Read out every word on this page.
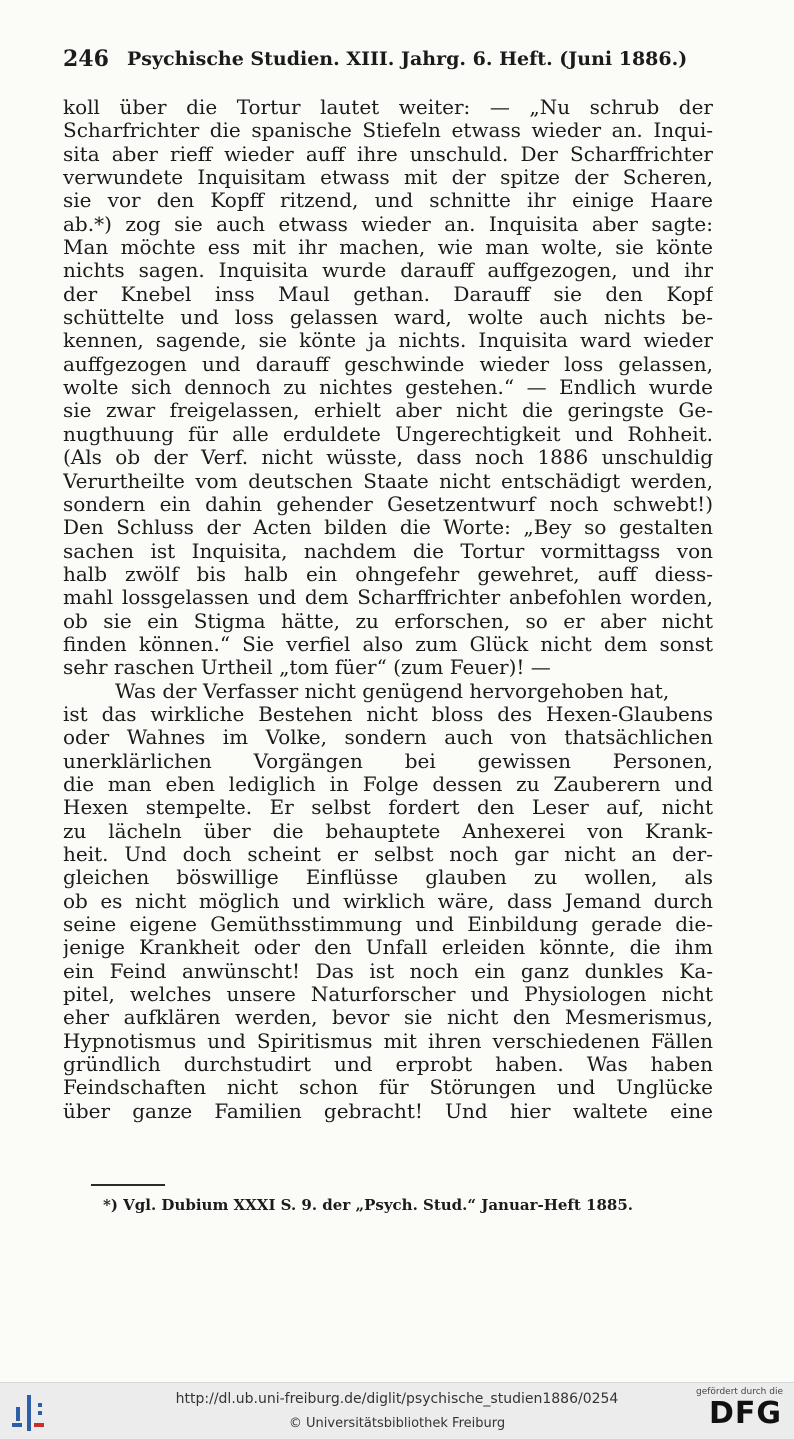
246 Psychische Studien. XIII. Jahrg. 6. Heft. (Juni 1886.)
koll über die Tortur lautet weiter: — „Nu schrub der
Scharfrichter die spanische Stiefeln etwass wieder an. Inqui-
sita aber rieff wieder auff ihre unschuld. Der Scharffrichter
verwundete Inquisitam etwass mit der spitze der Scheren,
sie vor den Kopff ritzend, und schnitte ihr einige Haare
ab.*) zog sie auch etwass wieder an. Inquisita aber sagte:
Man möchte ess mit ihr machen, wie man wolte, sie könte
nichts sagen. Inquisita wurde darauff auffgezogen, und ihr
der Knebel inss Maul gethan. Darauff sie den Kopf
schüttelte und loss gelassen ward, wolte auch nichts be-
kennen, sagende, sie könte ja nichts. Inquisita ward wieder
auffgezogen und darauff geschwinde wieder loss gelassen,
wolte sich dennoch zu nichtes gestehen.“ — Endlich wurde
sie zwar freigelassen, erhielt aber nicht die geringste Ge-
nugthuung für alle erduldete Ungerechtigkeit und Rohheit.
(Als ob der Verf. nicht wüsste, dass noch 1886 unschuldig
Verurtheilte vom deutschen Staate nicht entschädigt werden,
sondern ein dahin gehender Gesetzentwurf noch schwebt!)
Den Schluss der Acten bilden die Worte: „Bey so gestalten
sachen ist Inquisita, nachdem die Tortur vormittagss von
halb zwölf bis halb ein ohngefehr gewehret, auff diess-
mahl lossgelassen und dem Scharffrichter anbefohlen worden,
ob sie ein Stigma hätte, zu erforschen, so er aber nicht
finden können.“ Sie verfiel also zum Glück nicht dem sonst
sehr raschen Urtheil „tom füer“ (zum Feuer)! —
Was der Verfasser nicht genügend hervorgehoben hat,
ist das wirkliche Bestehen nicht bloss des Hexen-Glaubens
oder Wahnes im Volke, sondern auch von thatsächlichen
unerklärlichen Vorgängen bei gewissen Personen,
die man eben lediglich in Folge dessen zu Zauberern und
Hexen stempelte. Er selbst fordert den Leser auf, nicht
zu lächeln über die behauptete Anhexerei von Krank-
heit. Und doch scheint er selbst noch gar nicht an der-
gleichen böswillige Einflüsse glauben zu wollen, als
ob es nicht möglich und wirklich wäre, dass Jemand durch
seine eigene Gemüthsstimmung und Einbildung gerade die-
jenige Krankheit oder den Unfall erleiden könnte, die ihm
ein Feind anwünscht! Das ist noch ein ganz dunkles Ka-
pitel, welches unsere Naturforscher und Physiologen nicht
eher aufklären werden, bevor sie nicht den Mesmerismus,
Hypnotismus und Spiritismus mit ihren verschiedenen Fällen
gründlich durchstudirt und erprobt haben. Was haben
Feindschaften nicht schon für Störungen und Unglücke
über ganze Familien gebracht! Und hier waltete eine
*) Vgl. Dubium XXXI S. 9. der „Psych. Stud.“ Januar-Heft 1885.
http://dl.ub.uni-freiburg.de/diglit/psychische_studien1886/0254
© Universitätsbibliothek Freiburg
gefördert durch die
DFG
